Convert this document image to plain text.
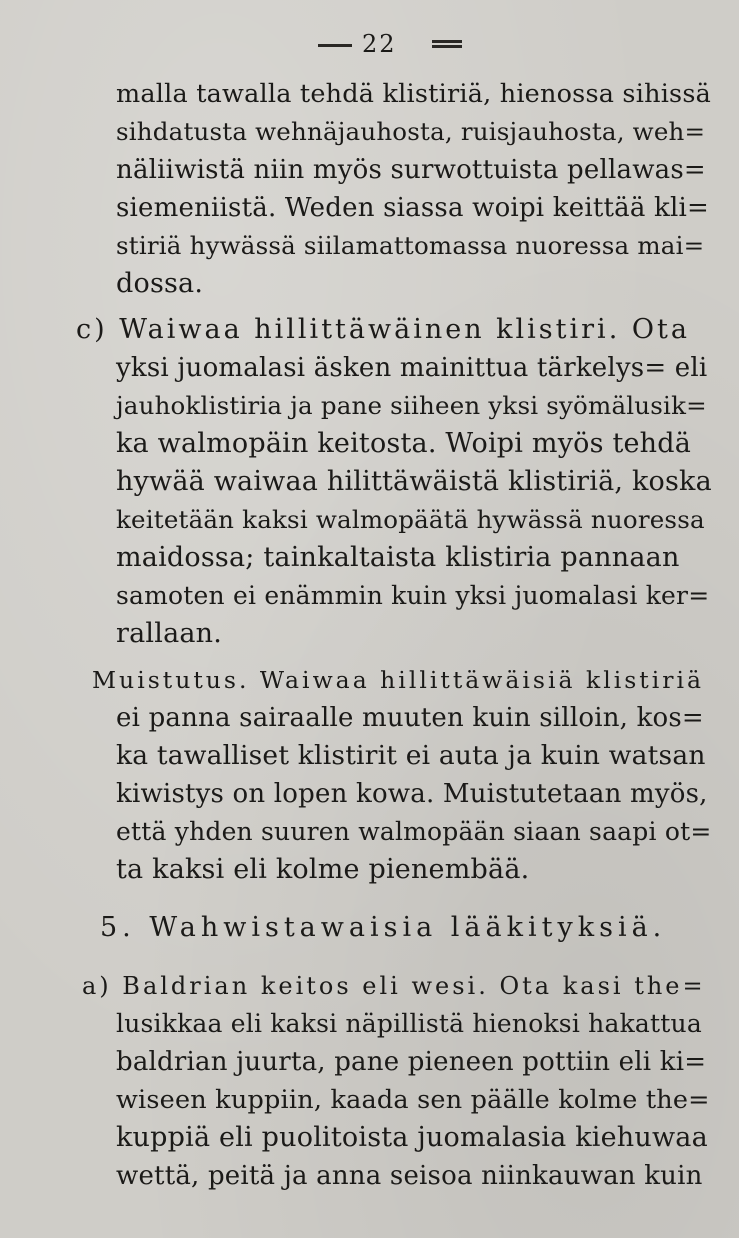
22
malla tawalla tehdä klistiriä, hienossa sihissä
sihdatusta wehnäjauhosta, ruisjauhosta, weh=
näliiwistä niin myös surwottuista pellawas=
siemeniistä. Weden siassa woipi keittää kli=
stiriä hywässä siilamattomassa nuoressa mai=
dossa.
c) Waiwaa hillittäwäinen klistiri. Ota
yksi juomalasi äsken mainittua tärkelys= eli
jauhoklistiria ja pane siiheen yksi syömälusik=
ka walmopäin keitosta. Woipi myös tehdä
hywää waiwaa hilittäwäistä klistiriä, koska
keitetään kaksi walmopäätä hywässä nuoressa
maidossa; tainkaltaista klistiria pannaan
samoten ei enämmin kuin yksi juomalasi ker=
rallaan.
Muistutus. Waiwaa hillittäwäisiä klistiriä
ei panna sairaalle muuten kuin silloin, kos=
ka tawalliset klistirit ei auta ja kuin watsan
kiwistys on lopen kowa. Muistutetaan myös,
että yhden suuren walmopään siaan saapi ot=
ta kaksi eli kolme pienembää.
5. Wahwistawaisia lääkityksiä.
a) Baldrian keitos eli wesi. Ota kasi the=
lusikkaa eli kaksi näpillistä hienoksi hakattua
baldrian juurta, pane pieneen pottiin eli ki=
wiseen kuppiin, kaada sen päälle kolme the=
kuppiä eli puolitoista juomalasia kiehuwaa
wettä, peitä ja anna seisoa niinkauwan kuin
